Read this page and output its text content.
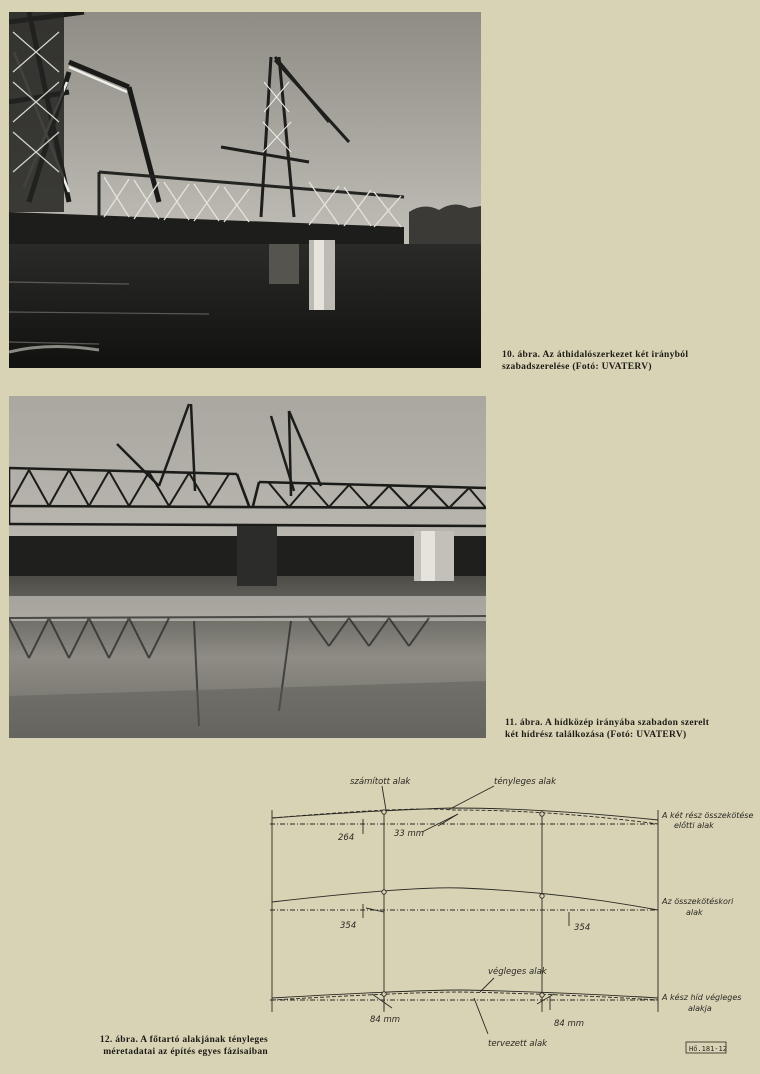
10. ábra. Az áthidalószerkezet két irányból
szabadszerelése (Fotó: UVATERV)
11. ábra. A hídközép irányába szabadon szerelt
két hídrész találkozása (Fotó: UVATERV)
számított alak	tényleges alak
végleges alak
tervezett alak
A két rész összekötése
előtti alak
Az összekötéskori
alak
A kész híd végleges
alakja
264	33 mm
354	354
84 mm	84 mm
Hő.181-12
12. ábra. A főtartó alakjának tényleges
méretadatai az építés egyes fázisaiban
